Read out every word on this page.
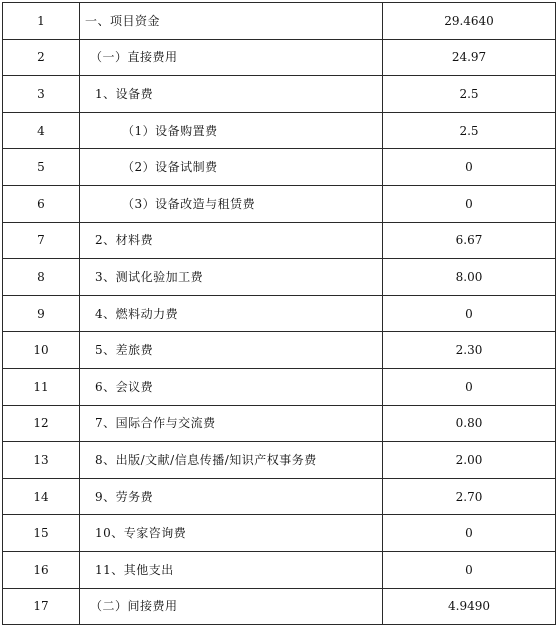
1	一、项目资金	29.4640
2	（一）直接费用	24.97
3	1、设备费	2.5
4	（1）设备购置费	2.5
5	（2）设备试制费	0
6	（3）设备改造与租赁费	0
7	2、材料费	6.67
8	3、测试化验加工费	8.00
9	4、燃料动力费	0
10	5、差旅费	2.30
11	6、会议费	0
12	7、国际合作与交流费	0.80
13	8、出版/文献/信息传播/知识产权事务费	2.00
14	9、劳务费	2.70
15	10、专家咨询费	0
16	11、其他支出	0
17	（二）间接费用	4.9490
